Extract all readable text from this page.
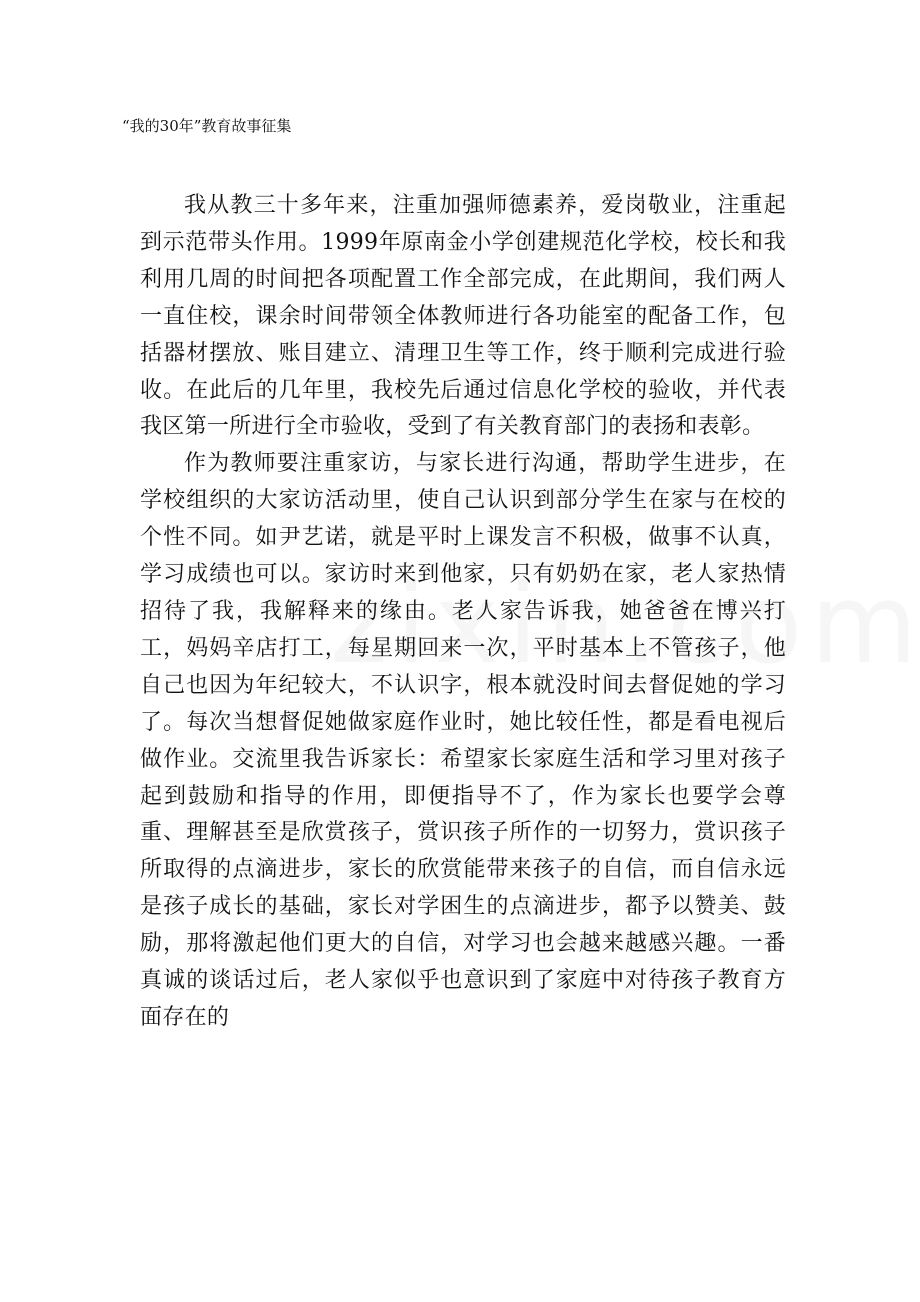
“我的30年”教育故事征集

我从教三十多年来，注重加强师德素养，爱岗敬业，注重起到示范带头作用。1999年原南金小学创建规范化学校，校长和我利用几周的时间把各项配置工作全部完成，在此期间，我们两人一直住校，课余时间带领全体教师进行各功能室的配备工作，包括器材摆放、账目建立、清理卫生等工作，终于顺利完成进行验收。在此后的几年里，我校先后通过信息化学校的验收，并代表我区第一所进行全市验收，受到了有关教育部门的表扬和表彰。

作为教师要注重家访，与家长进行沟通，帮助学生进步，在学校组织的大家访活动里，使自己认识到部分学生在家与在校的个性不同。如尹艺诺，就是平时上课发言不积极，做事不认真，学习成绩也可以。家访时来到他家，只有奶奶在家，老人家热情招待了我，我解释来的缘由。老人家告诉我，她爸爸在博兴打工，妈妈辛店打工，每星期回来一次，平时基本上不管孩子，他自己也因为年纪较大，不认识字，根本就没时间去督促她的学习了。每次当想督促她做家庭作业时，她比较任性，都是看电视后做作业。交流里我告诉家长：希望家长家庭生活和学习里对孩子起到鼓励和指导的作用，即便指导不了，作为家长也要学会尊重、理解甚至是欣赏孩子，赏识孩子所作的一切努力，赏识孩子所取得的点滴进步，家长的欣赏能带来孩子的自信，而自信永远是孩子成长的基础，家长对学困生的点滴进步，都予以赞美、鼓励，那将激起他们更大的自信，对学习也会越来越感兴趣。一番真诚的谈话过后，老人家似乎也意识到了家庭中对待孩子教育方面存在的
